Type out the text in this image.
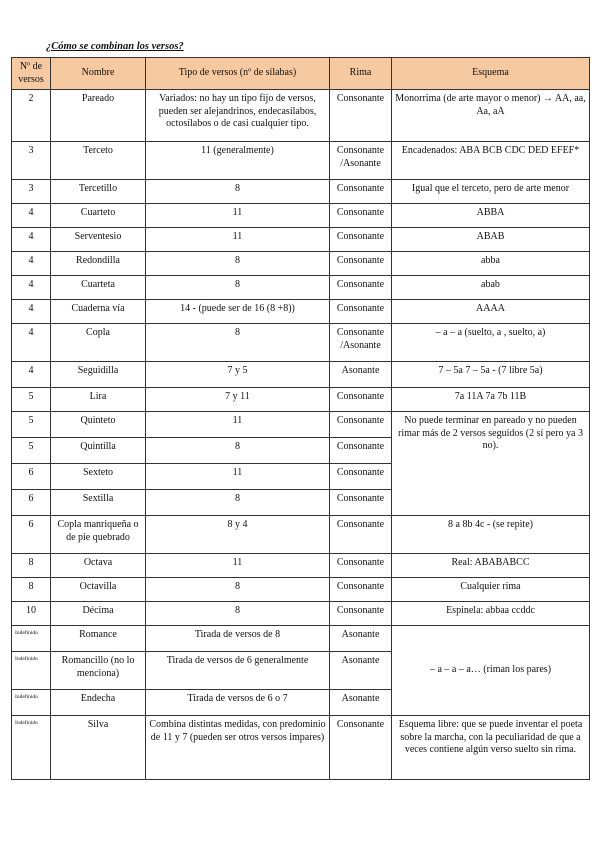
¿Cómo se combinan los versos?
Nº de versos	Nombre	Tipo de versos (nº de sílabas)	Rima	Esquema
2	Pareado	Variados: no hay un tipo fijo de versos, pueden ser alejandrinos, endecasílabos, octosílabos o de casi cualquier tipo.	Consonante	Monorrima (de arte mayor o menor) → AA, aa, Aa, aA
3	Terceto	11 (generalmente)	Consonante /Asonante	Encadenados: ABA BCB CDC DED EFEF*
3	Tercetillo	8	Consonante	Igual que el terceto, pero de arte menor
4	Cuarteto	11	Consonante	ABBA
4	Serventesio	11	Consonante	ABAB
4	Redondilla	8	Consonante	abba
4	Cuarteta	8	Consonante	abab
4	Cuaderna vía	14 - (puede ser de 16 (8 +8))	Consonante	AAAA
4	Copla	8	Consonante /Asonante	– a – a (suelto, a , suelto, a)
4	Seguidilla	7 y 5	Asonante	7 – 5a 7 – 5a - (7 libre 5a)
5	Lira	7 y 11	Consonante	7a 11A 7a 7b 11B
5	Quinteto	11	Consonante	No puede terminar en pareado y no pueden rimar más de 2 versos seguidos (2 sí pero ya 3 no).
5	Quintilla	8	Consonante	
6	Sexteto	11	Consonante	
6	Sextilla	8	Consonante	
6	Copla manriqueña o de pie quebrado	8 y 4	Consonante	8 a 8b 4c - (se repite)
8	Octava	11	Consonante	Real: ABABABCC
8	Octavilla	8	Consonante	Cualquier rima
10	Décima	8	Consonante	Espinela: abbaa ccddc
Indefinido	Romance	Tirada de versos de 8	Asonante	– a – a – a… (riman los pares)
Indefinido	Romancillo (no lo menciona)	Tirada de versos de 6 generalmente	Asonante	
Indefinido	Endecha	Tirada de versos de 6 o 7	Asonante	
Indefinido	Silva	Combina distintas medidas, con predominio de 11 y 7 (pueden ser otros versos impares)	Consonante	Esquema libre: que se puede inventar el poeta sobre la marcha, con la peculiaridad de que a veces contiene algún verso suelto sin rima.
